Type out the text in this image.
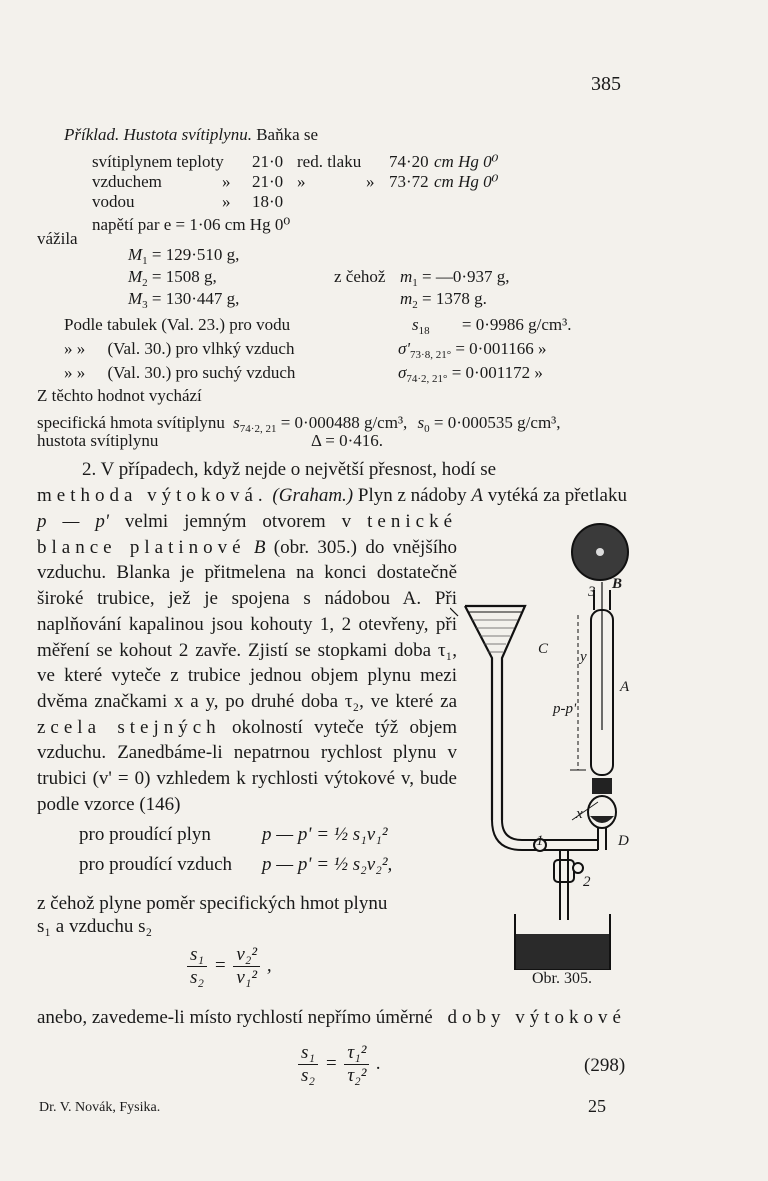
385
Příklad. Hustota svítiplynu. Baňka se
svítiplynem teploty 21·0 red. tlaku 74·20 cm Hg 0⁰
vzduchem	» 21·0 »	» 73·72 cm Hg 0⁰
vodou	» 18·0
napětí par e = 1·06 cm Hg 0⁰
vážila
$M_1 = 129\cdot 510$ g,
$M_2 = 1508$ g,
$M_3 = 130\cdot 447$ g,
z čehož $m_1$ = —0·937 g,
$m_2 = 1378$ g.
Podle tabulek (Val. 23.) pro vodu	$s_{18} = 0\cdot 9986$ g/cm³.
» » (Val. 30.) pro vlhký vzduch	$\sigma'_{73\cdot 8, 21^\circ} = 0\cdot 001166$ »
» » (Val. 30.) pro suchý vzduch	$\sigma_{74\cdot 2, 21^\circ} = 0\cdot 001172$ »
Z těchto hodnot vychází
specifická hmota svítiplynu $s_{74\cdot 2, 21} = 0\cdot 000488$ g/cm³, $s_0 = 0\cdot 000535$ g/cm³,
hustota svítiplynu	Δ = 0·416.
2. V případech, když nejde o největší přesnost, hodí se
methoda výtoková. (Graham.) Plyn z nádoby A vytéká za přetlaku
p — p' velmi jemným otvorem v tenické blance platinové B (obr. 305.) do vnějšího vzduchu. Blanka je přitmelena na konci dostatečně široké trubice, jež je spojena s nádobou A. Při naplňování kapalinou jsou kohouty 1, 2 otevřeny, při měření se kohout 2 zavře. Zjistí se stopkami doba τ₁, ve které vyteče z trubice jednou objem plynu mezi dvěma značkami x a y, po druhé doba τ₂, ve které za zcela stejných okolností vyteče týž objem vzduchu. Zanedbáme-li nepatrnou rychlost plynu v trubici (v' = 0) vzhledem k rychlosti výtokové v, bude podle vzorce (146)
pro proudící plyn	p — p' = ½ s₁v₁²
pro proudící vzduch p — p' = ½ s₂v₂²,
z čehož plyne poměr specifických hmot plynu
s₁ a vzduchu s₂
$\frac{\text{s₁}}{\text{s₂}} = \frac{\text{v₂²}}{\text{v₁²}}$ ,
anebo, zavedeme-li místo rychlostí nepřímo úměrné doby výtokové
$\frac{\text{s₁}}{\text{s₂}} = \frac{\text{τ₁²}}{\text{τ₂²}}$ .	(298)
B
3
C y
A
p-p'
x
D
1
2
Obr. 305.
Dr. V. Novák, Fysika.	25
